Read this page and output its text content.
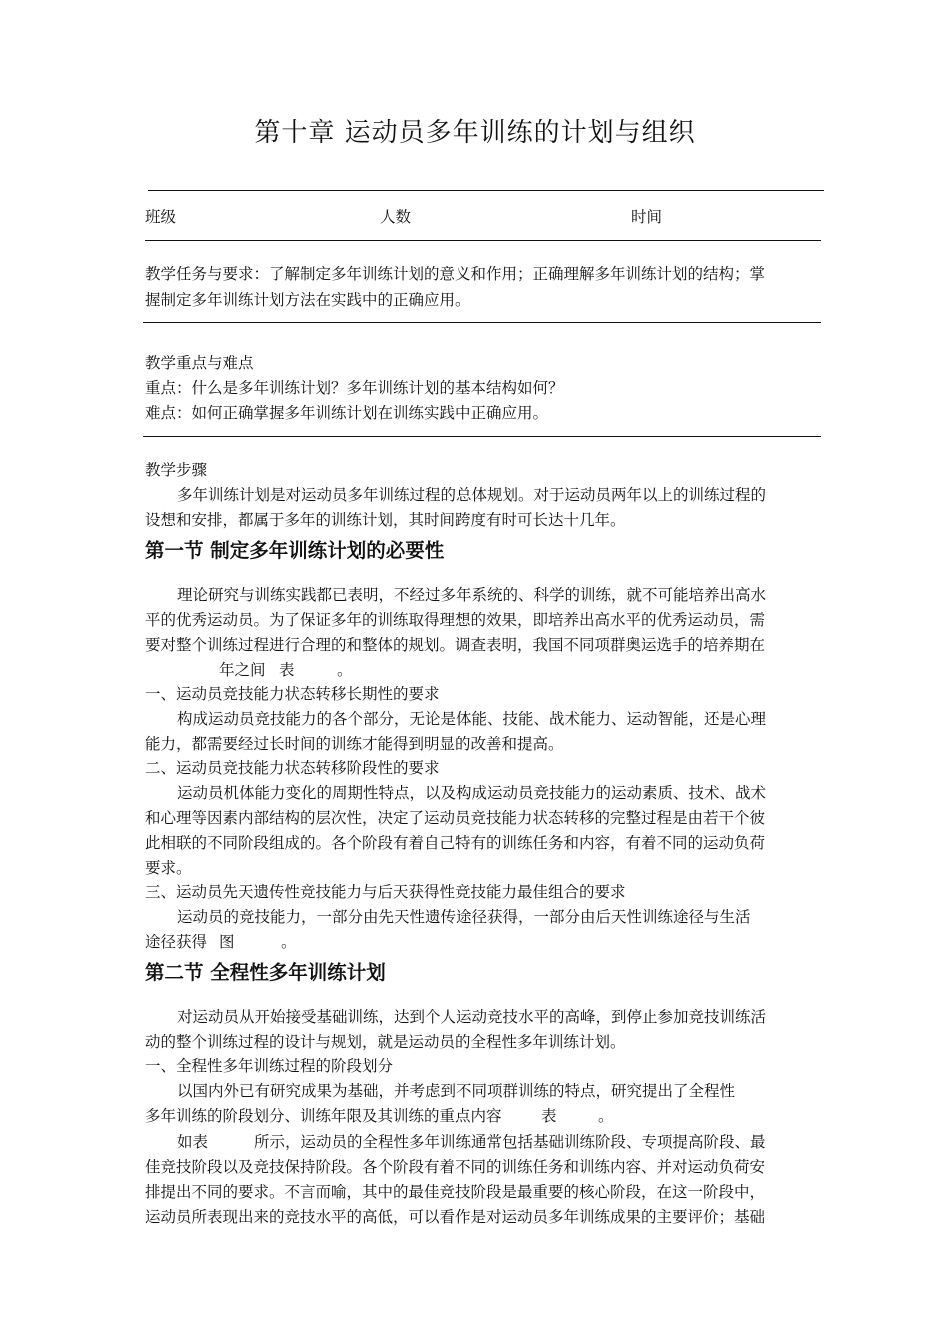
第十章 运动员多年训练的计划与组织
班级	人数	时间
教学任务与要求：了解制定多年训练计划的意义和作用；正确理解多年训练计划的结构；掌
握制定多年训练计划方法在实践中的正确应用。
教学重点与难点
重点：什么是多年训练计划？多年训练计划的基本结构如何？
难点：如何正确掌握多年训练计划在训练实践中正确应用。
教学步骤
多年训练计划是对运动员多年训练过程的总体规划。对于运动员两年以上的训练过程的
设想和安排，都属于多年的训练计划，其时间跨度有时可长达十几年。
第一节 制定多年训练计划的必要性
理论研究与训练实践都已表明，不经过多年系统的、科学的训练，就不可能培养出高水
平的优秀运动员。为了保证多年的训练取得理想的效果，即培养出高水平的优秀运动员，需
要对整个训练过程进行合理的和整体的规划。调查表明，我国不同项群奥运选手的培养期在
年之间 表	。
一、运动员竞技能力状态转移长期性的要求
构成运动员竞技能力的各个部分，无论是体能、技能、战术能力、运动智能，还是心理
能力，都需要经过长时间的训练才能得到明显的改善和提高。
二、运动员竞技能力状态转移阶段性的要求
运动员机体能力变化的周期性特点，以及构成运动员竞技能力的运动素质、技术、战术
和心理等因素内部结构的层次性，决定了运动员竞技能力状态转移的完整过程是由若干个彼
此相联的不同阶段组成的。各个阶段有着自己特有的训练任务和内容，有着不同的运动负荷
要求。
三、运动员先天遗传性竞技能力与后天获得性竞技能力最佳组合的要求
运动员的竞技能力，一部分由先天性遗传途径获得，一部分由后天性训练途径与生活
途径获得 图	。
第二节 全程性多年训练计划
对运动员从开始接受基础训练，达到个人运动竞技水平的高峰，到停止参加竞技训练活
动的整个训练过程的设计与规划，就是运动员的全程性多年训练计划。
一、全程性多年训练过程的阶段划分
以国内外已有研究成果为基础，并考虑到不同项群训练的特点，研究提出了全程性
多年训练的阶段划分、训练年限及其训练的重点内容	表	。
如表	所示，运动员的全程性多年训练通常包括基础训练阶段、专项提高阶段、最
佳竞技阶段以及竞技保持阶段。各个阶段有着不同的训练任务和训练内容、并对运动负荷安
排提出不同的要求。不言而喻，其中的最佳竞技阶段是最重要的核心阶段，在这一阶段中，
运动员所表现出来的竞技水平的高低，可以看作是对运动员多年训练成果的主要评价；基础
